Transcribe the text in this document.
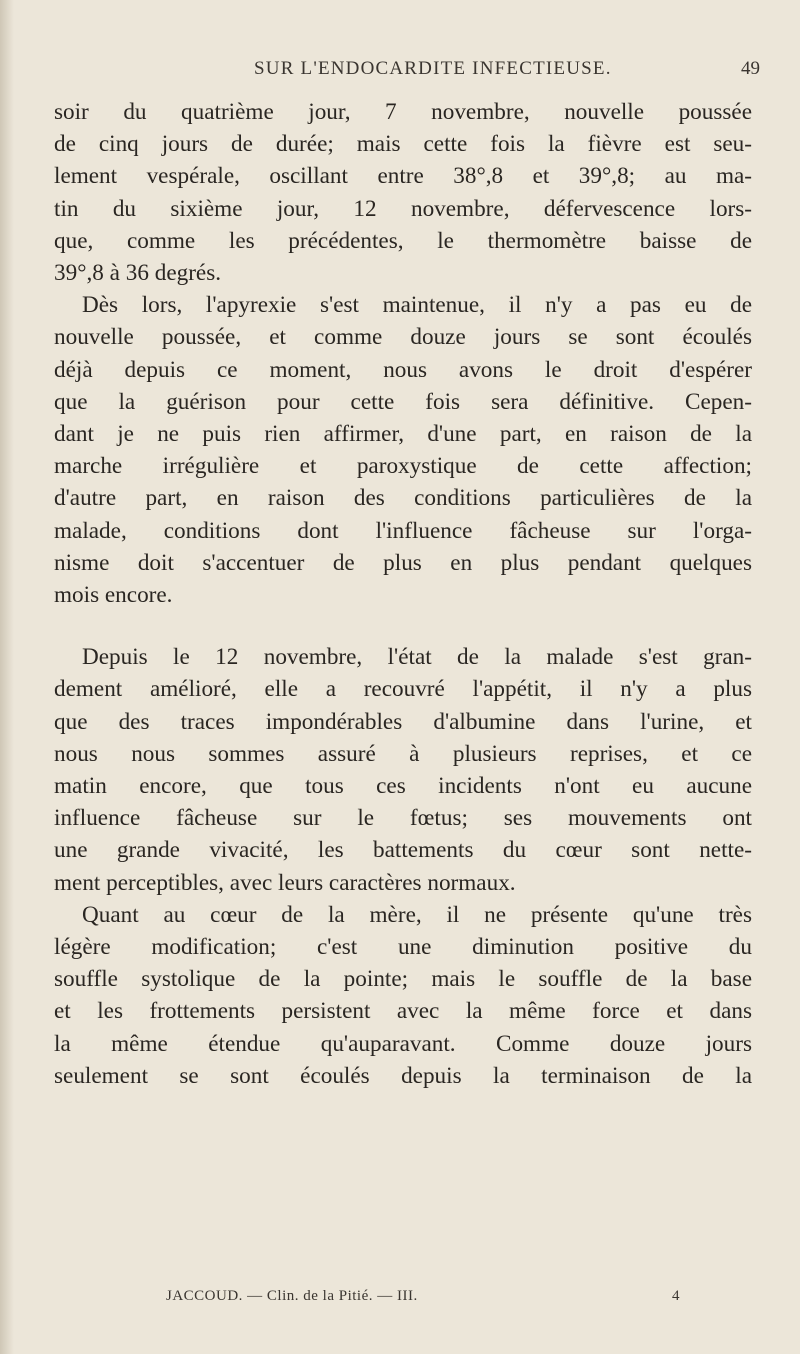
SUR L'ENDOCARDITE INFECTIEUSE.	49
soir du quatrième jour, 7 novembre, nouvelle poussée
de cinq jours de durée; mais cette fois la fièvre est seu-
lement vespérale, oscillant entre 38°,8 et 39°,8; au ma-
tin du sixième jour, 12 novembre, défervescence lors-
que, comme les précédentes, le thermomètre baisse de
39°,8 à 36 degrés.
Dès lors, l'apyrexie s'est maintenue, il n'y a pas eu de
nouvelle poussée, et comme douze jours se sont écoulés
déjà depuis ce moment, nous avons le droit d'espérer
que la guérison pour cette fois sera définitive. Cepen-
dant je ne puis rien affirmer, d'une part, en raison de la
marche irrégulière et paroxystique de cette affection;
d'autre part, en raison des conditions particulières de la
malade, conditions dont l'influence fâcheuse sur l'orga-
nisme doit s'accentuer de plus en plus pendant quelques
mois encore.
Depuis le 12 novembre, l'état de la malade s'est gran-
dement amélioré, elle a recouvré l'appétit, il n'y a plus
que des traces impondérables d'albumine dans l'urine, et
nous nous sommes assuré à plusieurs reprises, et ce
matin encore, que tous ces incidents n'ont eu aucune
influence fâcheuse sur le fœtus; ses mouvements ont
une grande vivacité, les battements du cœur sont nette-
ment perceptibles, avec leurs caractères normaux.
Quant au cœur de la mère, il ne présente qu'une très
légère modification; c'est une diminution positive du
souffle systolique de la pointe; mais le souffle de la base
et les frottements persistent avec la même force et dans
la même étendue qu'auparavant. Comme douze jours
seulement se sont écoulés depuis la terminaison de la
JACCOUD. — Clin. de la Pitié. — III.	4
